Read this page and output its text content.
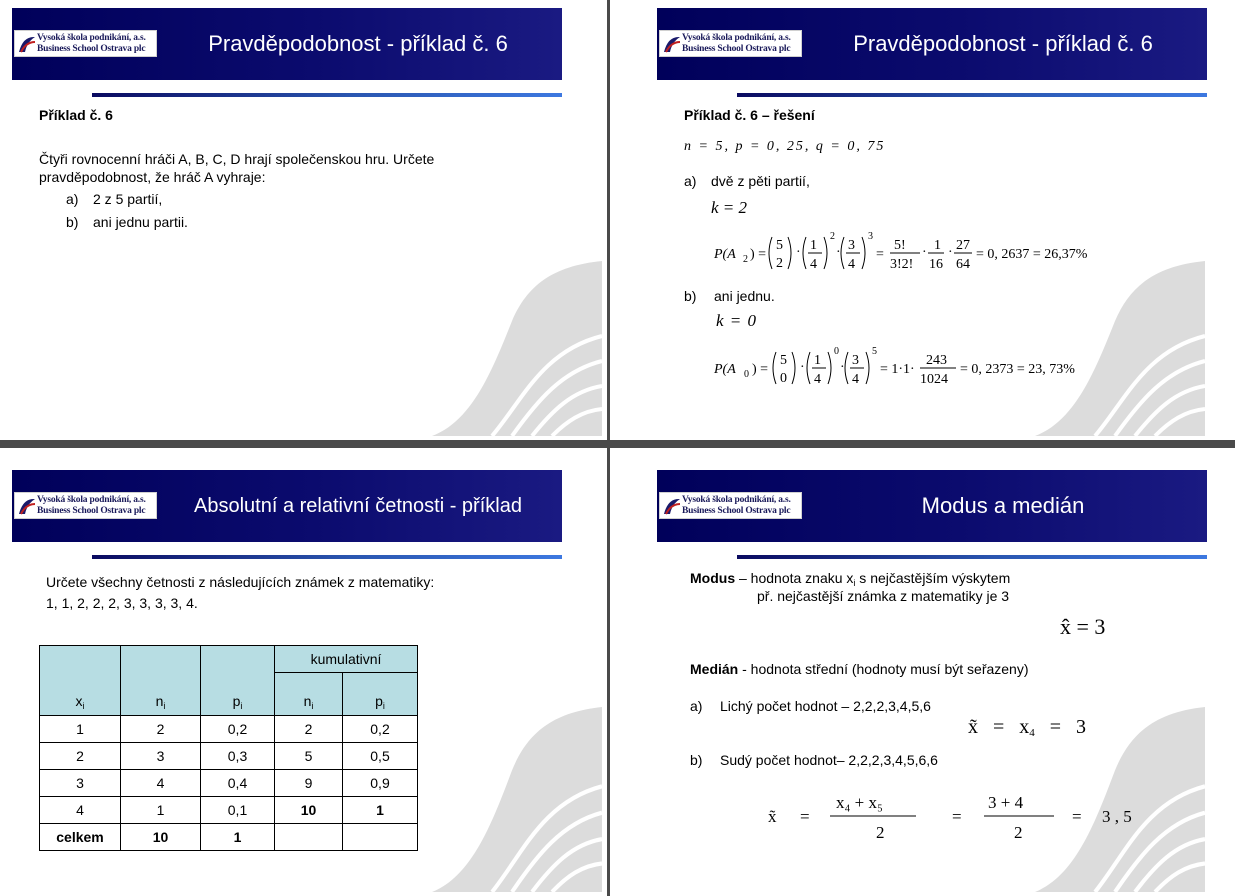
Vysoká škola podnikání, a.s.
Business School Ostrava plc	Pravděpodobnost - příklad č. 6
Příklad č. 6
Čtyři rovnocenní hráči A, B, C, D hrají společenskou hru. Určete
pravděpodobnost, že hráč A vyhraje:
a) 2 z 5 partií,
b) ani jednu partii.
Vysoká škola podnikání, a.s.
Business School Ostrava plc	Pravděpodobnost - příklad č. 6
Příklad č. 6 – řešení
n = 5, p = 0, 25, q = 0, 75
a) dvě z pěti partií,
k = 2
P(A 2 ) =
5
2
· 1
4
2
· 3
4
3
=
5!
3!2!
· 1
16
· 27
64
= 0, 2637 = 26,37%
b) ani jednu.
k = 0
P(A 0 ) =
5
0
· 1
4
0
· 3
4
5
= 1·1·
243
1024
= 0, 2373 = 23, 73%
Vysoká škola podnikání, a.s.
Business School Ostrava plc	Absolutní a relativní četnosti - příklad
Určete všechny četnosti z následujících známek z matematiky:
1, 1, 2, 2, 2, 3, 3, 3, 3, 4.
$x_i$	$n_i$	$p_i$	kumulativní	
			$n_i$	$p_i$
1	2	0,2	2	0,2
2	3	0,3	5	0,5
3	4	0,4	9	0,9
4	1	0,1	10	1
celkem	10	1		
Vysoká škola podnikání, a.s.
Business School Ostrava plc	Modus a medián
Modus – hodnota znaku $x_i$ s nejčastějším výskytem
př. nejčastější známka z matematiky je 3
x̂ = 3
Medián - hodnota střední (hodnoty musí být seřazeny)
a) Lichý počet hodnot – 2,2,2,3,4,5,6
x̃ = $x_4 = 3$
b) Sudý počet hodnot– 2,2,2,3,4,5,6,6
x̃ =
x₄ + x₅
2
=
3 + 4
2
= 3 , 5
